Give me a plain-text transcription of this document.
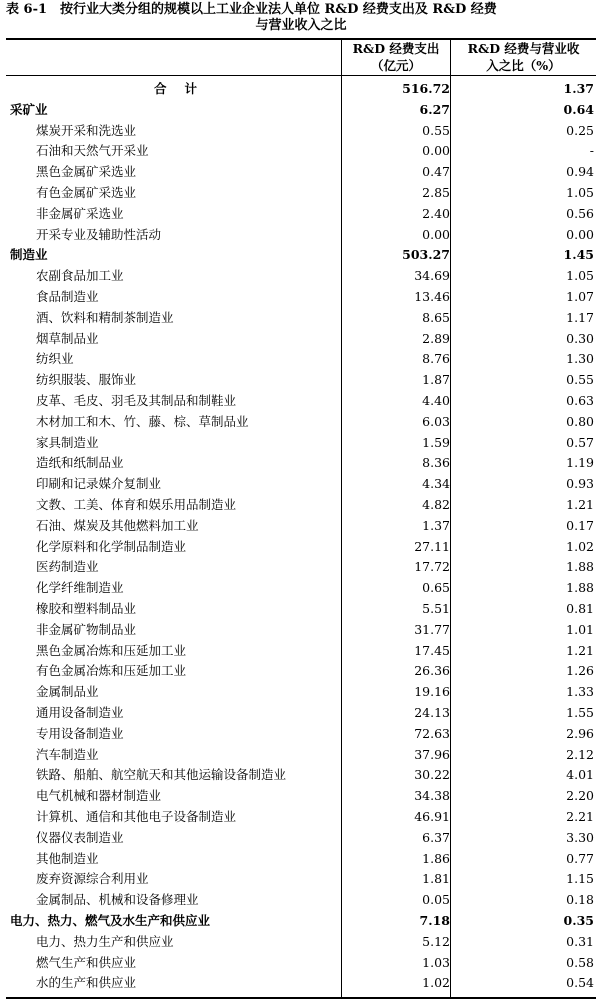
表 6-1　按行业大类分组的规模以上工业企业法人单位 R&D 经费支出及 R&D 经费
与营业收入之比
R&D 经费支出
（亿元）
R&D 经费与营业收
入之比（%）
合计	516.72	1.37
采矿业	6.27	0.64
煤炭开采和洗选业	0.55	0.25
石油和天然气开采业	0.00	-
黑色金属矿采选业	0.47	0.94
有色金属矿采选业	2.85	1.05
非金属矿采选业	2.40	0.56
开采专业及辅助性活动	0.00	0.00
制造业	503.27	1.45
农副食品加工业	34.69	1.05
食品制造业	13.46	1.07
酒、饮料和精制茶制造业	8.65	1.17
烟草制品业	2.89	0.30
纺织业	8.76	1.30
纺织服装、服饰业	1.87	0.55
皮革、毛皮、羽毛及其制品和制鞋业	4.40	0.63
木材加工和木、竹、藤、棕、草制品业	6.03	0.80
家具制造业	1.59	0.57
造纸和纸制品业	8.36	1.19
印刷和记录媒介复制业	4.34	0.93
文教、工美、体育和娱乐用品制造业	4.82	1.21
石油、煤炭及其他燃料加工业	1.37	0.17
化学原料和化学制品制造业	27.11	1.02
医药制造业	17.72	1.88
化学纤维制造业	0.65	1.88
橡胶和塑料制品业	5.51	0.81
非金属矿物制品业	31.77	1.01
黑色金属冶炼和压延加工业	17.45	1.21
有色金属冶炼和压延加工业	26.36	1.26
金属制品业	19.16	1.33
通用设备制造业	24.13	1.55
专用设备制造业	72.63	2.96
汽车制造业	37.96	2.12
铁路、船舶、航空航天和其他运输设备制造业	30.22	4.01
电气机械和器材制造业	34.38	2.20
计算机、通信和其他电子设备制造业	46.91	2.21
仪器仪表制造业	6.37	3.30
其他制造业	1.86	0.77
废弃资源综合利用业	1.81	1.15
金属制品、机械和设备修理业	0.05	0.18
电力、热力、燃气及水生产和供应业	7.18	0.35
电力、热力生产和供应业	5.12	0.31
燃气生产和供应业	1.03	0.58
水的生产和供应业	1.02	0.54
